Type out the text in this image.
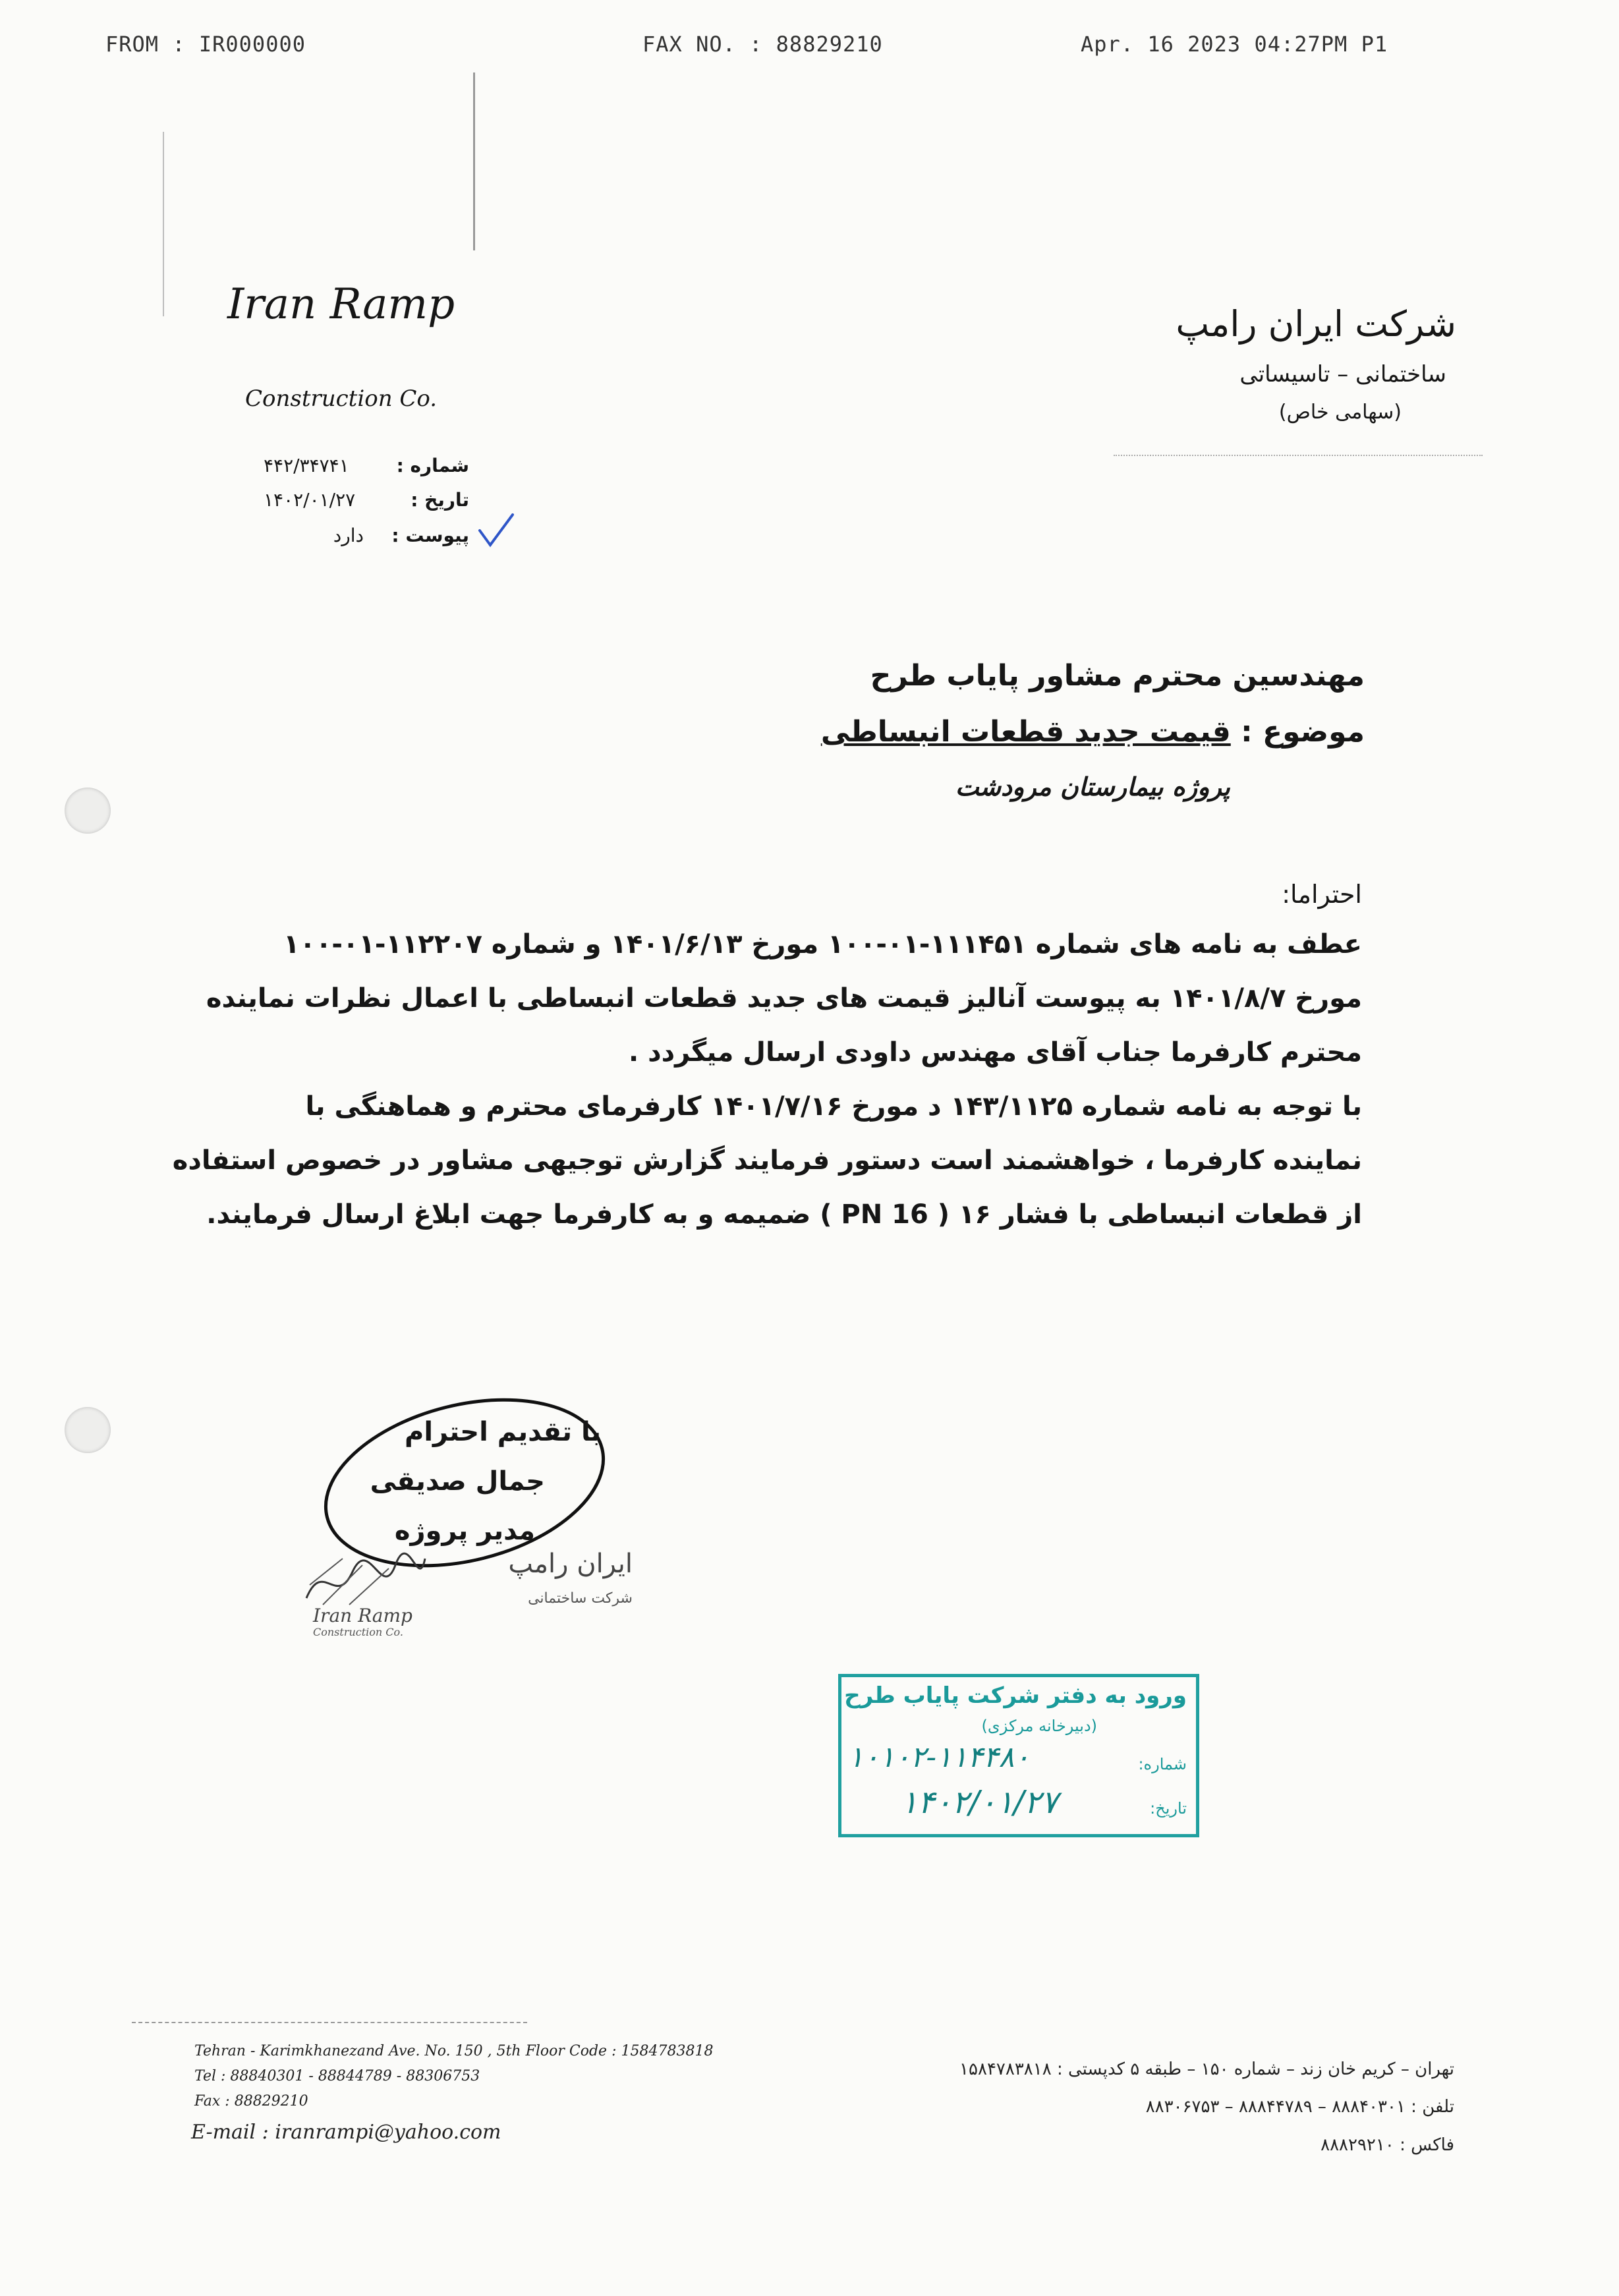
FROM : IR000000	FAX NO. : 88829210	Apr. 16 2023 04:27PM P1
Iran Ramp
Construction Co.
شرکت ایران رامپ
ساختمانی – تاسیساتی
(سهامی خاص)
شماره :
۴۴۲/۳۴۷۴۱
تاریخ :
۱۴۰۲/۰۱/۲۷
پیوست :
دارد
مهندسین محترم مشاور پایاب طرح
موضوع : قیمت جدید قطعات انبساطی
پروژه بیمارستان مرودشت
احتراما:
عطف به نامه های شماره ۱۱۱۴۵۱-۰۱-۱۰۰ مورخ ۱۴۰۱/۶/۱۳ و شماره ۱۱۲۲۰۷-۰۱-۱۰۰
مورخ ۱۴۰۱/۸/۷ به پیوست آنالیز قیمت های جدید قطعات انبساطی با اعمال نظرات نماینده
محترم کارفرما جناب آقای مهندس داودی ارسال میگردد .
با توجه به نامه شماره ۱۴۳/۱۱۲۵ د مورخ ۱۴۰۱/۷/۱۶ کارفرمای محترم و هماهنگی با
نماینده کارفرما ، خواهشمند است دستور فرمایند گزارش توجیهی مشاور در خصوص استفاده
از قطعات انبساطی با فشار ۱۶ ( PN 16 ) ضمیمه و به کارفرما جهت ابلاغ ارسال فرمایند.
با تقدیم احترام
جمال صدیقی
مدیر پروژه
ایران رامپ
شرکت ساختمانی
Iran Ramp
Construction Co.
ورود به دفتر شرکت پایاب طرح
(دبیرخانه مرکزی)
شماره:
۱۰۱۰۲-۱۱۴۴۸۰
تاریخ:
۱۴۰۲/۰۱/۲۷
Tehran - Karimkhanezand Ave. No. 150 , 5th Floor Code : 1584783818
Tel : 88840301 - 88844789 - 88306753
Fax : 88829210
E-mail : iranrampi@yahoo.com
تهران – کریم خان زند – شماره ۱۵۰ – طبقه ۵ کدپستی : ۱۵۸۴۷۸۳۸۱۸
تلفن : ۸۸۸۴۰۳۰۱ – ۸۸۸۴۴۷۸۹ – ۸۸۳۰۶۷۵۳
فاکس : ۸۸۸۲۹۲۱۰
